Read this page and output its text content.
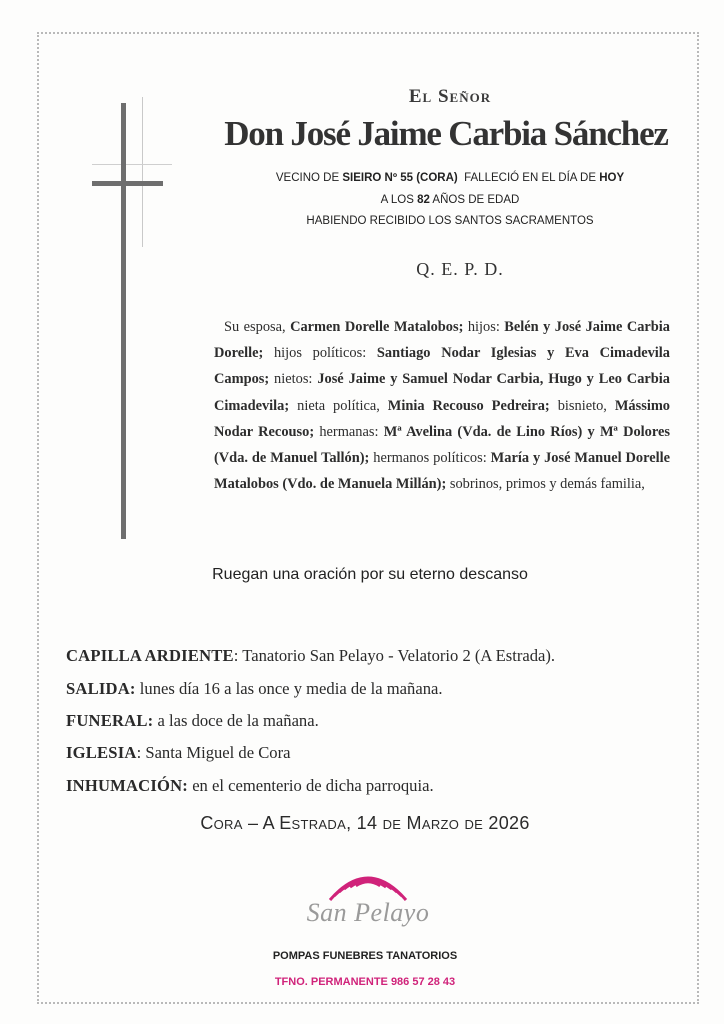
El Señor
Don José Jaime Carbia Sánchez
VECINO DE SIEIRO Nº 55 (CORA)  FALLECIÓ EN EL DÍA DE HOY
A LOS 82 AÑOS DE EDAD
HABIENDO RECIBIDO LOS SANTOS SACRAMENTOS
Q. E. P. D.
Su esposa, Carmen Dorelle Matalobos; hijos: Belén y José Jaime Carbia Dorelle; hijos políticos: Santiago Nodar Iglesias y Eva Cimadevila Campos; nietos: José Jaime y Samuel Nodar Carbia, Hugo y Leo Carbia Cimadevila; nieta política, Minia Recouso Pedreira; bisnieto, Mássimo Nodar Recouso; hermanas: Mª Avelina (Vda. de Lino Ríos) y Mª Dolores (Vda. de Manuel Tallón); hermanos políticos: María y José Manuel Dorelle Matalobos (Vdo. de Manuela Millán); sobrinos, primos y demás familia,
Ruegan una oración por su eterno descanso
CAPILLA ARDIENTE: Tanatorio San Pelayo - Velatorio 2 (A Estrada).
SALIDA: lunes día 16 a las once y media de la mañana.
FUNERAL: a las doce de la mañana.
IGLESIA: Santa Miguel de Cora
INHUMACIÓN: en el cementerio de dicha parroquia.
Cora – A Estrada, 14 de Marzo de 2026
San Pelayo
POMPAS FUNEBRES TANATORIOS
TFNO. PERMANENTE 986 57 28 43
